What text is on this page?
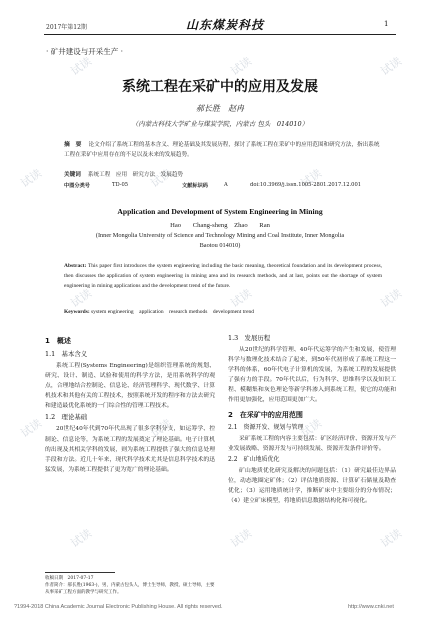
试读	试读	试读
试读	试读	试读
试读	试读	试读
试读	试读	试读
试读	试读	试读
2017年第12期	山东煤炭科技	1
· 矿井建设与开采生产 ·
系统工程在采矿中的应用及发展
郝长胜　赵冉
（内蒙古科技大学矿业与煤炭学院，内蒙古 包头　014010）
摘　要 论文介绍了系统工程的基本含义、理论基础及其发展历程，探讨了系统工程在采矿中的应用范围和研究方法，指出系统工程在采矿中应用存在的不足以及未来的发展趋势。
关键词 系统工程　应用　研究方法　发展趋势
中图分类号	TD-05	文献标识码	A	doi:10.3969/j.issn.1005-2801.2017.12.001
Application and Development of System Engineering in Mining
Hao Chang-sheng　Zhao Ran
(Inner Mongolia University of Science and Technology Mining and Coal Institute, Inner Mongolia
Baotou 014010)
Abstract: This paper first introduces the system engineering including the basic meaning, theoretical foundation and its development process, then discusses the application of system engineering in mining area and its research methods, and at last, points out the shortage of system engineering in mining applications and the development trend of the future.
Keywords: system engineering　application　research methods　development trend
1　概述
1.1　基本含义
系统工程(Systems Engineering)是组织管理系统的规划、研究、设计、制造、试验和使用的科学方法，是用系统科学的观点，合理地结合控制论、信息论、经济管理科学、现代数学、计算机技术和其他有关的工程技术，按照系统开发的程序和方法去研究和建造最优化系统的一门综合性的管理工程技术。
1.2　理论基础
20世纪40年代到70年代出现了很多学科分支，如运筹学、控制论、信息论等，为系统工程的发展奠定了理论基础。电子计算机的出现及其相关学科的发展，则为系统工程提供了强大的信息处理手段和方法。近几十年来，现代科学技术尤其是信息科学技术的迅猛发展，为系统工程提供了更为宽广的理论基础。
1.3　发展历程
从20世纪的科学管理、40年代运筹学的产生和发展，使管理科学与数理化技术结合了起来，到50年代初形成了系统工程这一学科的体系，60年代电子计算机的发展，为系统工程的发展提供了强有力的手段。70年代以后，行为科学、思维科学以及知识工程、模糊集和灰色理论等新学科渗入到系统工程，使它的功能和作用更加强化，应用范围更加广大。
2　在采矿中的应用范围
2.1　资源开发、规划与管理
采矿系统工程的内容主要包括：矿区经济评价、资源开发与产业发展战略、资源开发与可持续发展、资源开发条件评价等。
2.2　矿山地质优化
矿山地质优化研究及解决的问题包括：（1）研究最佳边界品位，动态地圈定矿体；（2）评估地质资源、计算矿石储量及勘查优化；（3）运用地质统计学，推断矿床中主要组分的分布情况；（4）建立矿床模型，将地质信息数据结构化和可视化。
收稿日期　2017-07-17
作者简介：郝长胜(1963-)，男，内蒙古包头人，博士生导师，教授，硕士导师，主要从事采矿工程方面的教学与研究工作。
?1994-2018 China Academic Journal Electronic Publishing House. All rights reserved.	http://www.cnki.net
